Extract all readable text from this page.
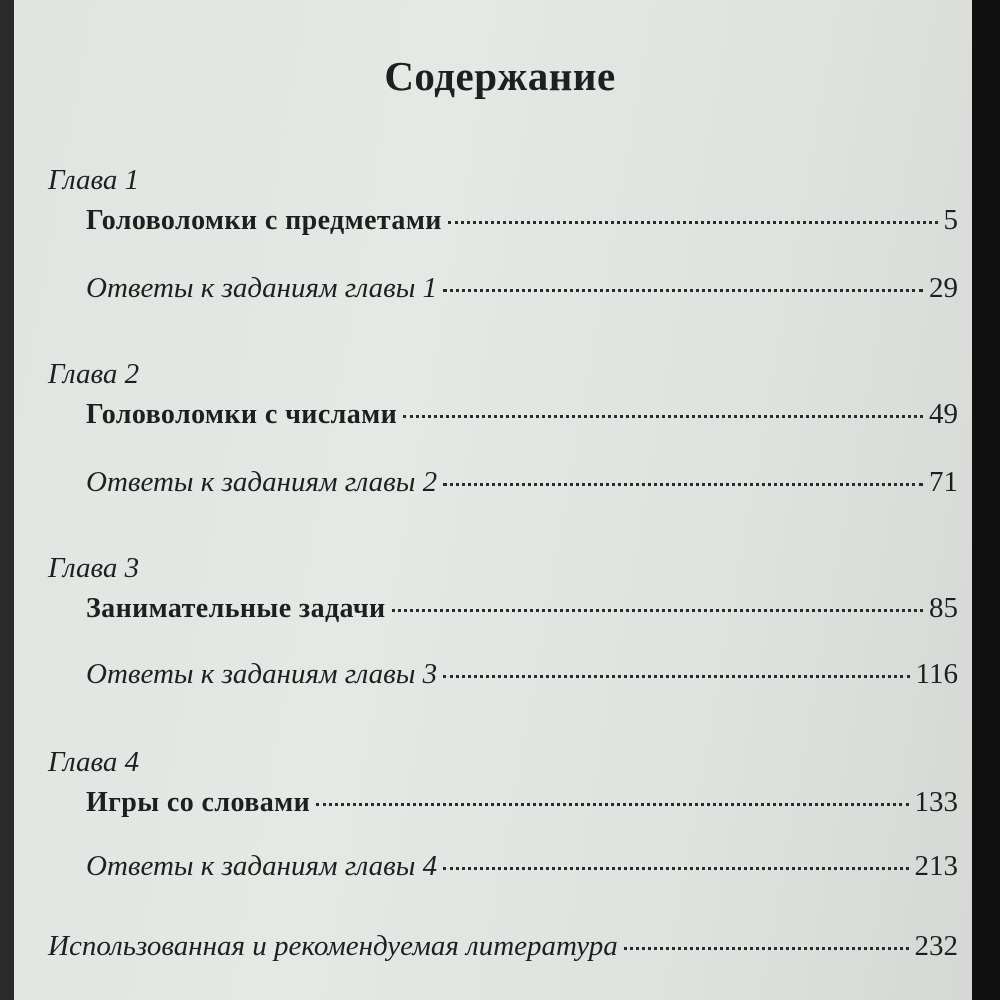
Содержание
Глава 1
Головоломки с предметами	5
Ответы к заданиям главы 1	29
Глава 2
Головоломки с числами	49
Ответы к заданиям главы 2	71
Глава 3
Занимательные задачи	85
Ответы к заданиям главы 3	116
Глава 4
Игры со словами	133
Ответы к заданиям главы 4	213
Использованная и рекомендуемая литература	232
